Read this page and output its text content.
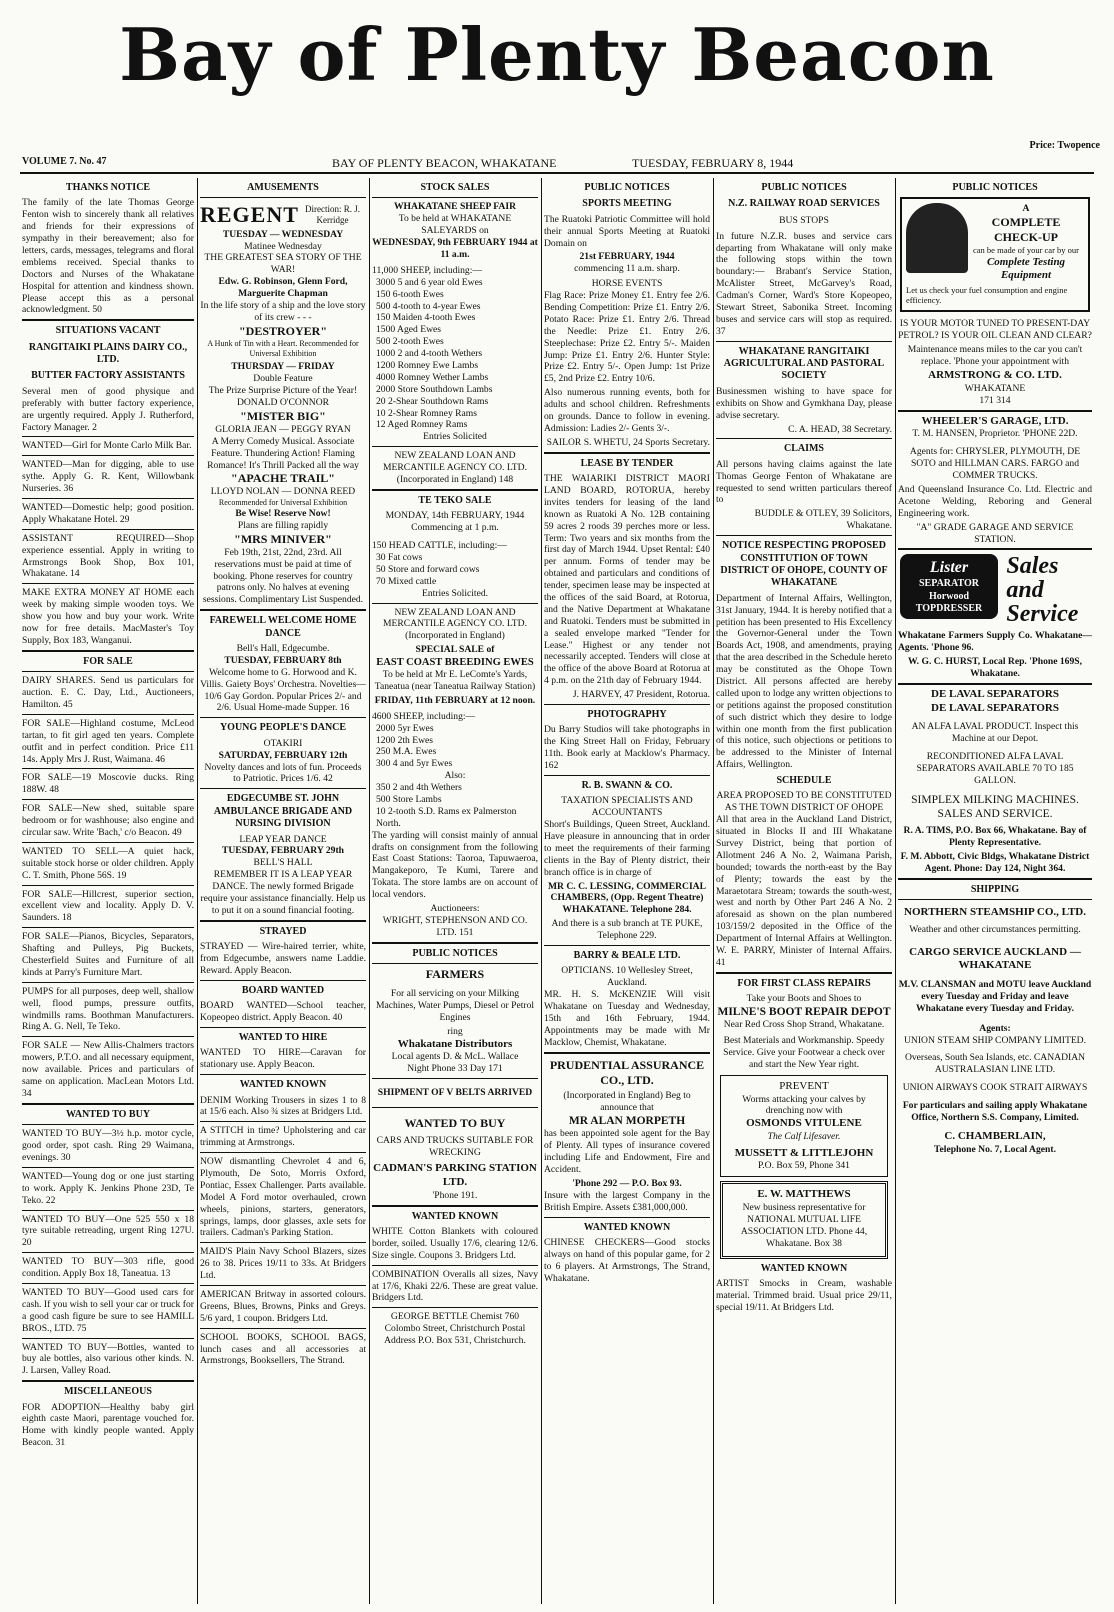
Bay of Plenty Beacon
Price: Twopence
VOLUME 7. No. 47	BAY OF PLENTY BEACON, WHAKATANE	TUESDAY, FEBRUARY 8, 1944
THANKS NOTICE

The family of the late Thomas George Fenton wish to sincerely thank all relatives and friends for their expressions of sympathy in their bereavement; also for letters, cards, messages, telegrams and floral emblems received. Special thanks to Doctors and Nurses of the Whakatane Hospital for attention and kindness shown. Please accept this as a personal acknowledgment. 50

SITUATIONS VACANT
RANGITAIKI PLAINS DAIRY CO., LTD.
BUTTER FACTORY ASSISTANTS

Several men of good physique and preferably with butter factory experience, are urgently required. Apply J. Rutherford, Factory Manager. 2

WANTED—Girl for Monte Carlo Milk Bar.

WANTED—Man for digging, able to use sythe. Apply G. R. Kent, Willowbank Nurseries. 36

WANTED—Domestic help; good position. Apply Whakatane Hotel. 29

ASSISTANT REQUIRED—Shop experience essential. Apply in writing to Armstrongs Book Shop, Box 101, Whakatane. 14

MAKE EXTRA MONEY AT HOME each week by making simple wooden toys. We show you how and buy your work. Write now for free details. MacMaster's Toy Supply, Box 183, Wanganui.

FOR SALE

DAIRY SHARES. Send us particulars for auction. E. C. Day, Ltd., Auctioneers, Hamilton. 45

FOR SALE—Highland costume, McLeod tartan, to fit girl aged ten years. Complete outfit and in perfect condition. Price £11 14s. Apply Mrs J. Rust, Waimana. 46

FOR SALE—19 Moscovie ducks. Ring 188W. 48

FOR SALE—New shed, suitable spare bedroom or for washhouse; also engine and circular saw. Write 'Bach,' c/o Beacon. 49

WANTED TO SELL—A quiet hack, suitable stock horse or older children. Apply C. T. Smith, Phone 56S. 19

FOR SALE—Hillcrest, superior section, excellent view and locality. Apply D. V. Saunders. 18

FOR SALE—Pianos, Bicycles, Separators, Shafting and Pulleys, Pig Buckets, Chesterfield Suites and Furniture of all kinds at Parry's Furniture Mart.

PUMPS for all purposes, deep well, shallow well, flood pumps, pressure outfits, windmills rams. Boothman Manufacturers. Ring A. G. Nell, Te Teko.

FOR SALE — New Allis-Chalmers tractors mowers, P.T.O. and all necessary equipment, now available. Prices and particulars of same on application. MacLean Motors Ltd. 34

WANTED TO BUY

WANTED TO BUY—3½ h.p. motor cycle, good order, spot cash. Ring 29 Waimana, evenings. 30

WANTED—Young dog or one just starting to work. Apply K. Jenkins Phone 23D, Te Teko. 22

WANTED TO BUY—One 525 550 x 18 tyre suitable retreading, urgent Ring 127U. 20

WANTED TO BUY—303 rifle, good condition. Apply Box 18, Taneatua. 13

WANTED TO BUY—Good used cars for cash. If you wish to sell your car or truck for a good cash figure be sure to see HAMILL BROS., LTD. 75

WANTED TO BUY—Bottles, wanted to buy ale bottles, also various other kinds. N. J. Larsen, Valley Road.

MISCELLANEOUS

FOR ADOPTION—Healthy baby girl eighth caste Maori, parentage vouched for. Home with kindly people wanted. Apply Beacon. 31

AMUSEMENTS
REGENT Direction: R. J. Kerridge
TUESDAY — WEDNESDAY
Matinee Wednesday
THE GREATEST SEA STORY OF THE WAR!
Edw. G. Robinson, Glenn Ford, Marguerite Chapman
In the life story of a ship and the love story of its crew - - -
"DESTROYER"
A Hunk of Tin with a Heart. Recommended for Universal Exhibition
THURSDAY — FRIDAY
Double Feature
The Prize Surprise Picture of the Year!
DONALD O'CONNOR
"MISTER BIG"
GLORIA JEAN — PEGGY RYAN
A Merry Comedy Musical. Associate Feature. Thundering Action! Flaming Romance! It's Thrill Packed all the way
"APACHE TRAIL"
LLOYD NOLAN — DONNA REED
Recommended for Universal Exhibition
Be Wise! Reserve Now!
Plans are filling rapidly
"MRS MINIVER"
Feb 19th, 21st, 22nd, 23rd. All reservations must be paid at time of booking. Phone reserves for country patrons only. No halves at evening sessions. Complimentary List Suspended.
FAREWELL WELCOME HOME DANCE
Bell's Hall, Edgecumbe.
TUESDAY, FEBRUARY 8th

Welcome home to G. Horwood and K. Villis. Gaiety Boys' Orchestra. Novelties—10/6 Gay Gordon. Popular Prices 2/- and 2/6. Usual Home-made Supper. 16

YOUNG PEOPLE'S DANCE
OTAKIRI
SATURDAY, FEBRUARY 12th

Novelty dances and lots of fun. Proceeds to Patriotic. Prices 1/6. 42

EDGECUMBE ST. JOHN AMBULANCE BRIGADE AND NURSING DIVISION
LEAP YEAR DANCE
TUESDAY, FEBRUARY 29th
BELL'S HALL

REMEMBER IT IS A LEAP YEAR DANCE. The newly formed Brigade require your assistance financially. Help us to put it on a sound financial footing.

STRAYED

STRAYED — Wire-haired terrier, white, from Edgecumbe, answers name Laddie. Reward. Apply Beacon.

BOARD WANTED

BOARD WANTED—School teacher, Kopeopeo district. Apply Beacon. 40

WANTED TO HIRE

WANTED TO HIRE—Caravan for stationary use. Apply Beacon.

WANTED KNOWN

DENIM Working Trousers in sizes 1 to 8 at 15/6 each. Also ¾ sizes at Bridgers Ltd.

A STITCH in time? Upholstering and car trimming at Armstrongs.

NOW dismantling Chevrolet 4 and 6, Plymouth, De Soto, Morris Oxford, Pontiac, Essex Challenger. Parts available. Model A Ford motor overhauled, crown wheels, pinions, starters, generators, springs, lamps, door glasses, axle sets for trailers. Cadman's Parking Station.

MAID'S Plain Navy School Blazers, sizes 26 to 38. Prices 19/11 to 33s. At Bridgers Ltd.

AMERICAN Britway in assorted colours. Greens, Blues, Browns, Pinks and Greys. 5/6 yard, 1 coupon. Bridgers Ltd.

SCHOOL BOOKS, SCHOOL BAGS, lunch cases and all accessories at Armstrongs, Booksellers, The Strand.

STOCK SALES
WHAKATANE SHEEP FAIR
To be held at WHAKATANE SALEYARDS on
WEDNESDAY, 9th FEBRUARY 1944 at 11 a.m.
11,000 SHEEP, including:—
3000 5 and 6 year old Ewes
150 6-tooth Ewes
500 4-tooth to 4-year Ewes
150 Maiden 4-tooth Ewes
1500 Aged Ewes
500 2-tooth Ewes
1000 2 and 4-tooth Wethers
1200 Romney Ewe Lambs
4000 Romney Wether Lambs
2000 Store Southdown Lambs
20 2-Shear Southdown Rams
10 2-Shear Romney Rams
12 Aged Romney Rams
Entries Solicited

NEW ZEALAND LOAN AND MERCANTILE AGENCY CO. LTD. (Incorporated in England) 148

TE TEKO SALE
MONDAY, 14th FEBRUARY, 1944
Commencing at 1 p.m.
150 HEAD CATTLE, including:—
30 Fat cows
50 Store and forward cows
70 Mixed cattle
Entries Solicited.

NEW ZEALAND LOAN AND MERCANTILE AGENCY CO. LTD. (Incorporated in England)

SPECIAL SALE of
EAST COAST BREEDING EWES

To be held at Mr E. LeComte's Yards, Taneatua (near Taneatua Railway Station)

FRIDAY, 11th FEBRUARY at 12 noon.
4600 SHEEP, including:—
2000 5yr Ewes
1200 2th Ewes
250 M.A. Ewes
300 4 and 5yr Ewes
Also:
350 2 and 4th Wethers
500 Store Lambs
10 2-tooth S.D. Rams ex Palmerston North.

The yarding will consist mainly of annual drafts on consignment from the following East Coast Stations: Taoroa, Tapuwaeroa, Mangakeporo, Te Kumi, Tarere and Tokata. The store lambs are on account of local vendors.

Auctioneers:

WRIGHT, STEPHENSON AND CO. LTD. 151

PUBLIC NOTICES
FARMERS

For all servicing on your Milking Machines, Water Pumps, Diesel or Petrol Engines

ring
Whakatane Distributors
Local agents D. & McL. Wallace
Night Phone 33 Day 171
SHIPMENT OF V BELTS ARRIVED
WANTED TO BUY
CARS AND TRUCKS SUITABLE FOR WRECKING
CADMAN'S PARKING STATION LTD.
'Phone 191.
WANTED KNOWN

WHITE Cotton Blankets with coloured border, soiled. Usually 17/6, clearing 12/6. Size single. Coupons 3. Bridgers Ltd.

COMBINATION Overalls all sizes, Navy at 17/6, Khaki 22/6. These are great value. Bridgers Ltd.

GEORGE BETTLE Chemist 760 Colombo Street, Christchurch Postal Address P.O. Box 531, Christchurch.

PUBLIC NOTICES
SPORTS MEETING

The Ruatoki Patriotic Committee will hold their annual Sports Meeting at Ruatoki Domain on

21st FEBRUARY, 1944
commencing 11 a.m. sharp.
HORSE EVENTS

Flag Race: Prize Money £1. Entry fee 2/6. Bending Competition: Prize £1. Entry 2/6. Potato Race: Prize £1. Entry 2/6. Thread the Needle: Prize £1. Entry 2/6. Steeplechase: Prize £2. Entry 5/-. Maiden Jump: Prize £1. Entry 2/6. Hunter Style: Prize £2. Entry 5/-. Open Jump: 1st Prize £5, 2nd Prize £2. Entry 10/6.

Also numerous running events, both for adults and school children. Refreshments on grounds. Dance to follow in evening. Admission: Ladies 2/- Gents 3/-.

SAILOR S. WHETU, 24 Sports Secretary.
LEASE BY TENDER

THE WAIARIKI DISTRICT MAORI LAND BOARD, ROTORUA, hereby invites tenders for leasing of the land known as Ruatoki A No. 12B containing 59 acres 2 roods 39 perches more or less. Term: Two years and six months from the first day of March 1944. Upset Rental: £40 per annum. Forms of tender may be obtained and particulars and conditions of tender, specimen lease may be inspected at the offices of the said Board, at Rotorua, and the Native Department at Whakatane and Ruatoki. Tenders must be submitted in a sealed envelope marked "Tender for Lease." Highest or any tender not necessarily accepted. Tenders will close at the office of the above Board at Rotorua at 4 p.m. on the 21th day of February 1944.

J. HARVEY, 47 President, Rotorua.
PHOTOGRAPHY

Du Barry Studios will take photographs in the King Street Hall on Friday, February 11th. Book early at Macklow's Pharmacy. 162

R. B. SWANN & CO.
TAXATION SPECIALISTS AND ACCOUNTANTS

Short's Buildings, Queen Street, Auckland. Have pleasure in announcing that in order to meet the requirements of their farming clients in the Bay of Plenty district, their branch office is in charge of

MR C. C. LESSING, COMMERCIAL CHAMBERS, (Opp. Regent Theatre) WHAKATANE. Telephone 284.

And there is a sub branch at TE PUKE, Telephone 229.

BARRY & BEALE LTD.
OPTICIANS. 10 Wellesley Street, Auckland.

MR. H. S. McKENZIE Will visit Whakatane on Tuesday and Wednesday, 15th and 16th February, 1944. Appointments may be made with Mr Macklow, Chemist, Whakatane.

PRUDENTIAL ASSURANCE CO., LTD.
(Incorporated in England) Beg to announce that
MR ALAN MORPETH

has been appointed sole agent for the Bay of Plenty. All types of insurance covered including Life and Endowment, Fire and Accident.

'Phone 292 — P.O. Box 93.

Insure with the largest Company in the British Empire. Assets £381,000,000.

WANTED KNOWN

CHINESE CHECKERS—Good stocks always on hand of this popular game, for 2 to 6 players. At Armstrongs, The Strand, Whakatane.

PUBLIC NOTICES
N.Z. RAILWAY ROAD SERVICES
BUS STOPS

In future N.Z.R. buses and service cars departing from Whakatane will only make the following stops within the town boundary:— Brabant's Service Station, McAlister Street, McGarvey's Road, Cadman's Corner, Ward's Store Kopeopeo, Stewart Street, Sabonika Street. Incoming buses and service cars will stop as required. 37

WHAKATANE RANGITAIKI AGRICULTURAL AND PASTORAL SOCIETY

Businessmen wishing to have space for exhibits on Show and Gymkhana Day, please advise secretary.

C. A. HEAD, 38 Secretary.
CLAIMS

All persons having claims against the late Thomas George Fenton of Whakatane are requested to send written particulars thereof to

BUDDLE & OTLEY, 39 Solicitors, Whakatane.
NOTICE RESPECTING PROPOSED CONSTITUTION OF TOWN DISTRICT OF OHOPE, COUNTY OF WHAKATANE

Department of Internal Affairs, Wellington, 31st January, 1944. It is hereby notified that a petition has been presented to His Excellency the Governor-General under the Town Boards Act, 1908, and amendments, praying that the area described in the Schedule hereto may be constituted as the Ohope Town District. All persons affected are hereby called upon to lodge any written objections to or petitions against the proposed constitution of such district which they desire to lodge within one month from the first publication of this notice, such objections or petitions to be addressed to the Minister of Internal Affairs, Wellington.

SCHEDULE
AREA PROPOSED TO BE CONSTITUTED AS THE TOWN DISTRICT OF OHOPE

All that area in the Auckland Land District, situated in Blocks II and III Whakatane Survey District, being that portion of Allotment 246 A No. 2, Waimana Parish, bounded; towards the north-east by the Bay of Plenty; towards the east by the Maraetotara Stream; towards the south-west, west and north by Other Part 246 A No. 2 aforesaid as shown on the plan numbered 103/159/2 deposited in the Office of the Department of Internal Affairs at Wellington. W. E. PARRY, Minister of Internal Affairs. 41

FOR FIRST CLASS REPAIRS
Take your Boots and Shoes to
MILNE'S BOOT REPAIR DEPOT
Near Red Cross Shop Strand, Whakatane.

Best Materials and Workmanship. Speedy Service. Give your Footwear a check over and start the New Year right.

PREVENT
Worms attacking your calves by drenching now with
OSMONDS VITULENE
The Calf Lifesaver.
MUSSETT & LITTLEJOHN
P.O. Box 59, Phone 341
E. W. MATTHEWS

New business representative for NATIONAL MUTUAL LIFE ASSOCIATION LTD. Phone 44, Whakatane. Box 38

WANTED KNOWN

ARTIST Smocks in Cream, washable material. Trimmed braid. Usual price 29/11, special 19/11. At Bridgers Ltd.

PUBLIC NOTICES
A
COMPLETE CHECK-UP
can be made of your car by our
Complete Testing Equipment
Let us check your fuel consumption and engine efficiency.

IS YOUR MOTOR TUNED TO PRESENT-DAY PETROL? IS YOUR OIL CLEAN AND CLEAR?

Maintenance means miles to the car you can't replace. 'Phone your appointment with

ARMSTRONG & CO. LTD.
WHAKATANE
171 314
WHEELER'S GARAGE, LTD.
T. M. HANSEN, Proprietor. 'PHONE 22D.

Agents for: CHRYSLER, PLYMOUTH, DE SOTO and HILLMAN CARS. FARGO and COMMER TRUCKS.

And Queensland Insurance Co. Ltd. Electric and Acetone Welding, Reboring and General Engineering work.

"A" GRADE GARAGE AND SERVICE STATION.
Lister
SEPARATOR
Horwood TOPDRESSER
Sales and Service

Whakatane Farmers Supply Co. Whakatane—Agents. 'Phone 96.

W. G. C. HURST, Local Rep. 'Phone 169S, Whakatane.
DE LAVAL SEPARATORS
DE LAVAL SEPARATORS

AN ALFA LAVAL PRODUCT. Inspect this Machine at our Depot.

RECONDITIONED ALFA LAVAL SEPARATORS AVAILABLE 70 TO 185 GALLON.

SIMPLEX MILKING MACHINES. SALES AND SERVICE.

R. A. TIMS, P.O. Box 66, Whakatane. Bay of Plenty Representative.

F. M. Abbott, Civic Bldgs, Whakatane District Agent. Phone: Day 124, Night 364.

SHIPPING
NORTHERN STEAMSHIP CO., LTD.
Weather and other circumstances permitting.
CARGO SERVICE AUCKLAND — WHAKATANE

M.V. CLANSMAN and MOTU leave Auckland every Tuesday and Friday and leave Whakatane every Tuesday and Friday.

Agents:
UNION STEAM SHIP COMPANY LIMITED.
Overseas, South Sea Islands, etc. CANADIAN AUSTRALASIAN LINE LTD.
UNION AIRWAYS COOK STRAIT AIRWAYS

For particulars and sailing apply Whakatane Office, Northern S.S. Company, Limited.

C. CHAMBERLAIN,
Telephone No. 7, Local Agent.
